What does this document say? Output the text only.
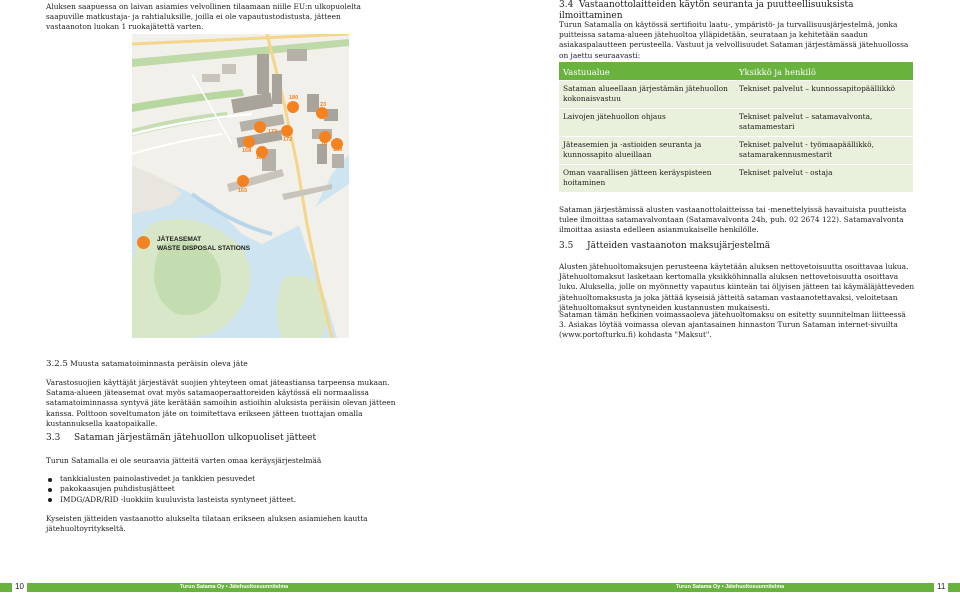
Aluksen saapuessa on laivan asiamies velvollinen tilaamaan niille EU:n ulkopuolelta saapuville matkustaja- ja rahtialuksille, joilla ei ole vapautustodistusta, jätteen vastaanoton luokan 1 ruokajätettä varten.
180
173
172
23
26
153
168
169
165
JÄTEASEMAT
WASTE DISPOSAL STATIONS
3.2.5 Muusta satamatoiminnasta peräisin oleva jäte
Varastosuojien käyttäjät järjestävät suojien yhteyteen omat jäteastiansa tarpeensa mukaan. Satama-alueen jäteasemat ovat myös satamaoperaattoreiden käytössä eli normaalissa satamatoiminnassa syntyvä jäte kerätään samoihin astioihin aluksista peräisin olevan jätteen kanssa. Polttoon soveltumaton jäte on toimitettava erikseen jätteen tuottajan omalla kustannuksella kaatopaikalle.
3.3 Sataman järjestämän jätehuollon ulkopuoliset jätteet
Turun Satamalla ei ole seuraavia jätteitä varten omaa keräysjärjestelmää
tankkialusten painolastivedet ja tankkien pesuvedet
pakokaasujen puhdistusjätteet
IMDG/ADR/RID -luokkiin kuuluvista lasteista syntyneet jätteet.
Kyseisten jätteiden vastaanotto alukselta tilataan erikseen aluksen asiamiehen kautta jätehuoltoyritykseltä.
10	Turun Satama Oy • Jätehuoltosuunnitelma
3.4 Vastaanottolaitteiden käytön seuranta ja puutteellisuuksista ilmoittaminen
Turun Satamalla on käytössä sertifioitu laatu-, ympäristö- ja turvallisuusjärjestelmä, jonka puitteissa satama-alueen jätehuoltoa ylläpidetään, seurataan ja kehitetään saadun asiakaspalautteen perusteella. Vastuut ja velvollisuudet Sataman järjestämässä jätehuollossa on jaettu seuraavasti:
Vastuualue	Yksikkö ja henkilö
Sataman alueellaan järjestämän jätehuollon kokonaisvastuu	Tekniset palvelut – kunnossapitopäällikkö
Laivojen jätehuollon ohjaus	Tekniset palvelut – satamavalvonta, satamamestari
Jäteasemien ja -astioiden seuranta ja kunnossapito alueillaan	Tekniset palvelut - työmaapäällikkö, satamarakennusmestarit
Oman vaarallisen jätteen keräyspisteen hoitaminen	Tekniset palvelut - ostaja
Sataman järjestämissä alusten vastaanottolaitteissa tai -menettelyissä havaituista puutteista tulee ilmoittaa satamavalvontaan (Satamavalvonta 24h, puh. 02 2674 122). Satamavalvonta ilmoittaa asiasta edelleen asianmukaiselle henkilölle.
3.5 Jätteiden vastaanoton maksujärjestelmä
Alusten jätehuoltomaksujen perusteena käytetään aluksen nettovetoisuutta osoittavaa lukua. Jätehuoltomaksut lasketaan kertomalla yksikköhinnalla aluksen nettovetoisuutta osoittava luku. Aluksella, jolle on myönnetty vapautus kiinteän tai öljyisen jätteen tai käymäläjätteveden jätehuoltomaksusta ja joka jättää kyseisiä jätteitä sataman vastaanotettavaksi, veloitetaan jätehuoltomaksut syntyneiden kustannusten mukaisesti.
Sataman tämän hetkinen voimassaoleva jätehuoltomaksu on esitetty suunnitelman liitteessä 3. Asiakas löytää voimassa olevan ajantasainen hinnaston Turun Sataman internet-sivuilta (www.portofturku.fi) kohdasta "Maksut".
Turun Satama Oy • Jätehuoltosuunnitelma	11
